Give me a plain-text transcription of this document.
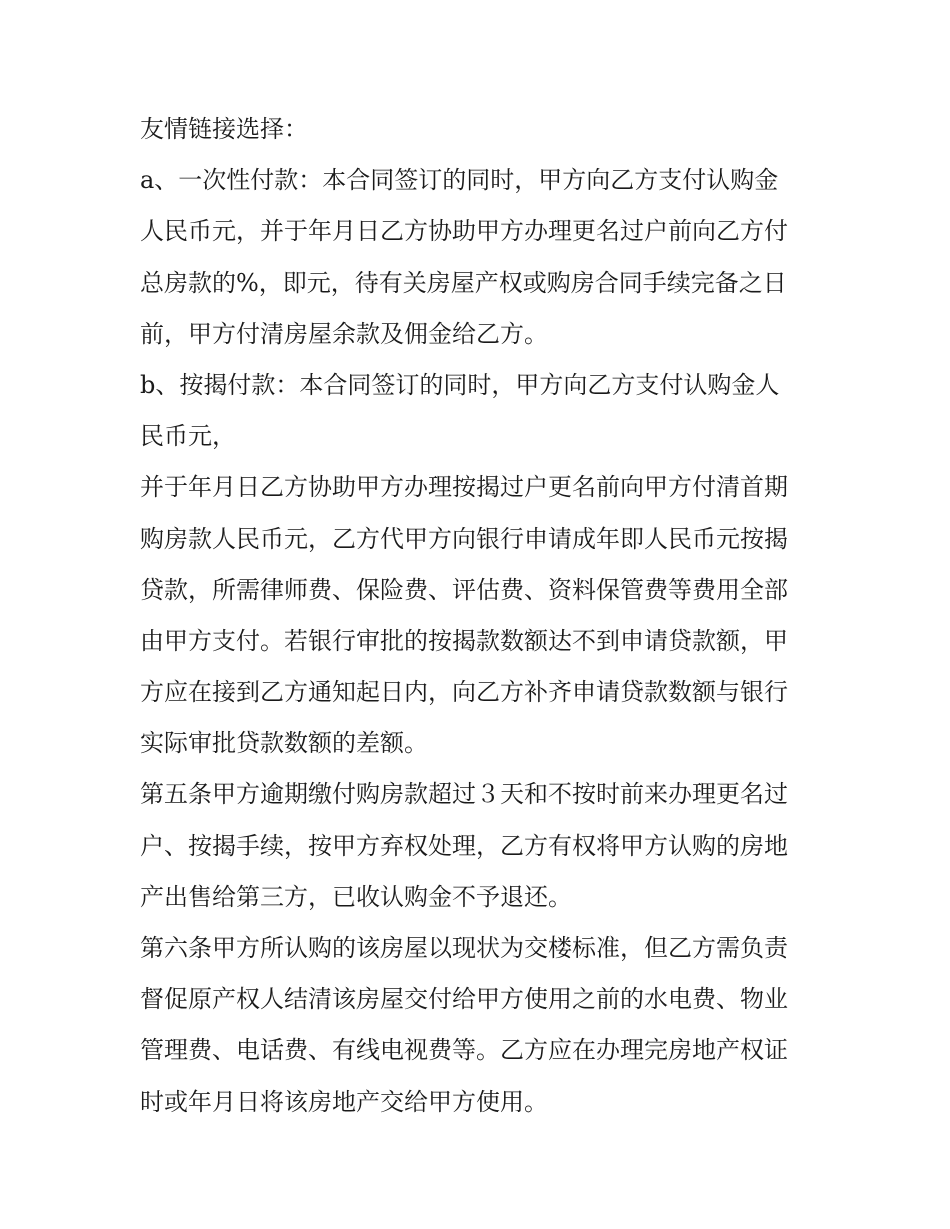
友情链接选择：
a、一次性付款：本合同签订的同时，甲方向乙方支付认购金
人民币元，并于年月日乙方协助甲方办理更名过户前向乙方付
总房款的%，即元，待有关房屋产权或购房合同手续完备之日
前，甲方付清房屋余款及佣金给乙方。
b、按揭付款：本合同签订的同时，甲方向乙方支付认购金人
民币元，
并于年月日乙方协助甲方办理按揭过户更名前向甲方付清首期
购房款人民币元，乙方代甲方向银行申请成年即人民币元按揭
贷款，所需律师费、保险费、评估费、资料保管费等费用全部
由甲方支付。若银行审批的按揭款数额达不到申请贷款额，甲
方应在接到乙方通知起日内，向乙方补齐申请贷款数额与银行
实际审批贷款数额的差额。
第五条甲方逾期缴付购房款超过３天和不按时前来办理更名过
户、按揭手续，按甲方弃权处理，乙方有权将甲方认购的房地
产出售给第三方，已收认购金不予退还。
第六条甲方所认购的该房屋以现状为交楼标准，但乙方需负责
督促原产权人结清该房屋交付给甲方使用之前的水电费、物业
管理费、电话费、有线电视费等。乙方应在办理完房地产权证
时或年月日将该房地产交给甲方使用。
